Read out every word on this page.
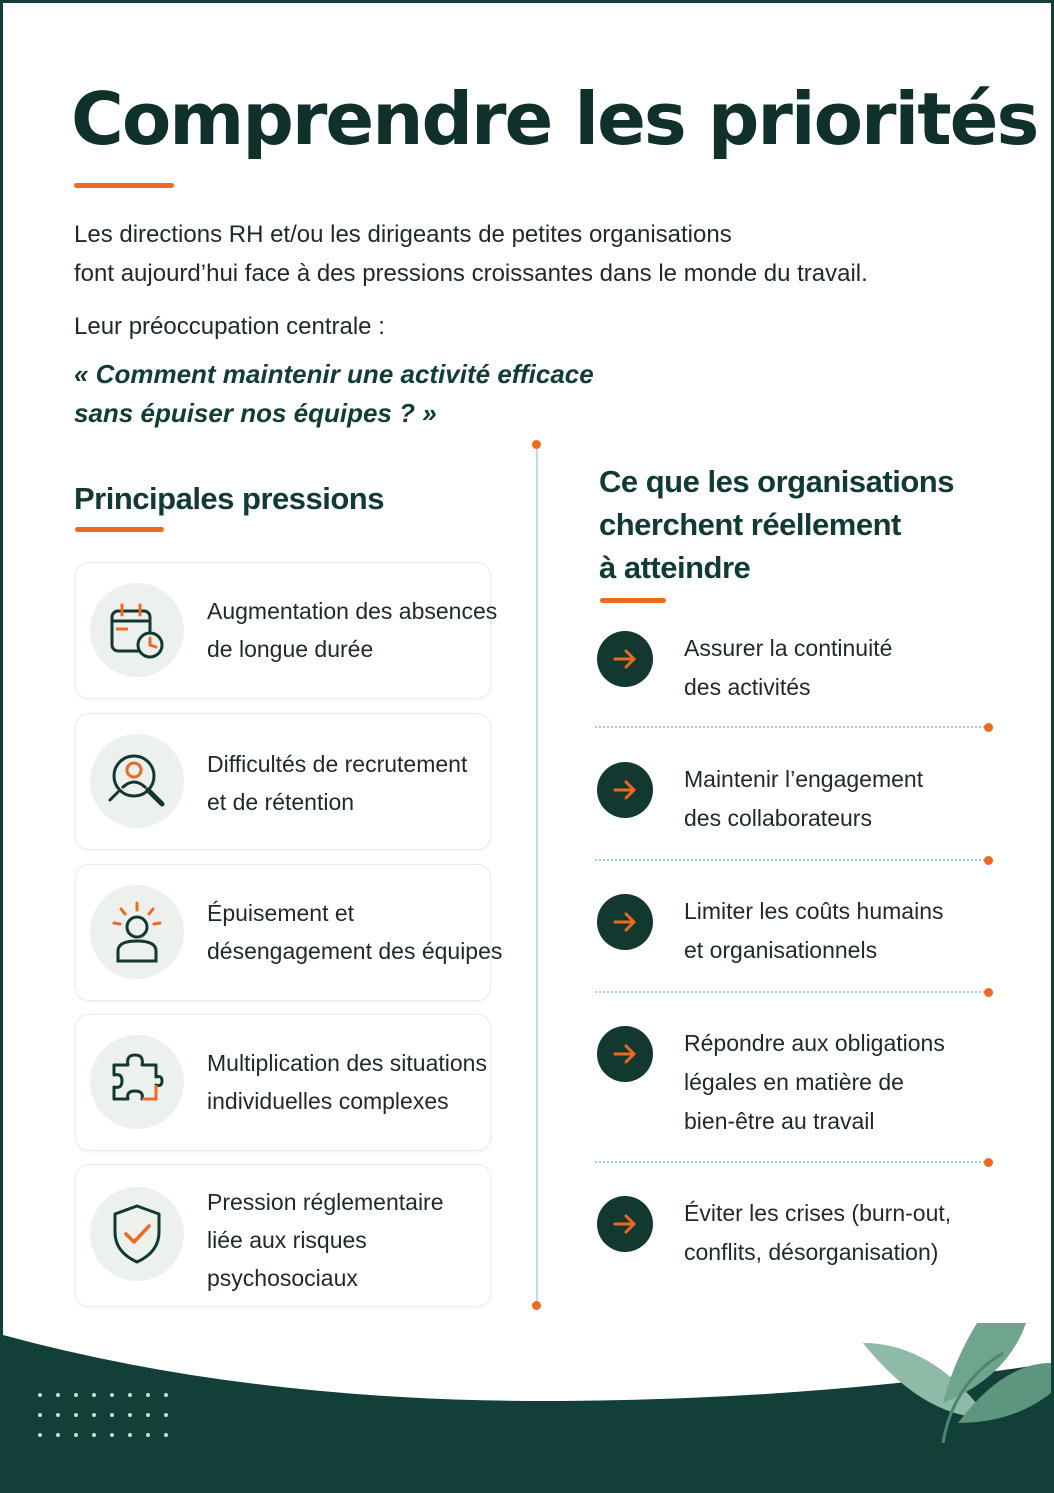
Comprendre les priorités

Les directions RH et/ou les dirigeants de petites organisations
font aujourd’hui face à des pressions croissantes dans le monde du travail.

Leur préoccupation centrale :

« Comment maintenir une activité efficace
sans épuiser nos équipes ? »

Principales pressions
Augmentation des absences
de longue durée
Difficultés de recrutement
et de rétention
Épuisement et
désengagement des équipes
Multiplication des situations
individuelles complexes
Pression réglementaire
liée aux risques
psychosociaux
Ce que les organisations
cherchent réellement
à atteindre
Assurer la continuité
des activités
Maintenir l’engagement
des collaborateurs
Limiter les coûts humains
et organisationnels
Répondre aux obligations
légales en matière de
bien-être au travail
Éviter les crises (burn-out,
conflits, désorganisation)
